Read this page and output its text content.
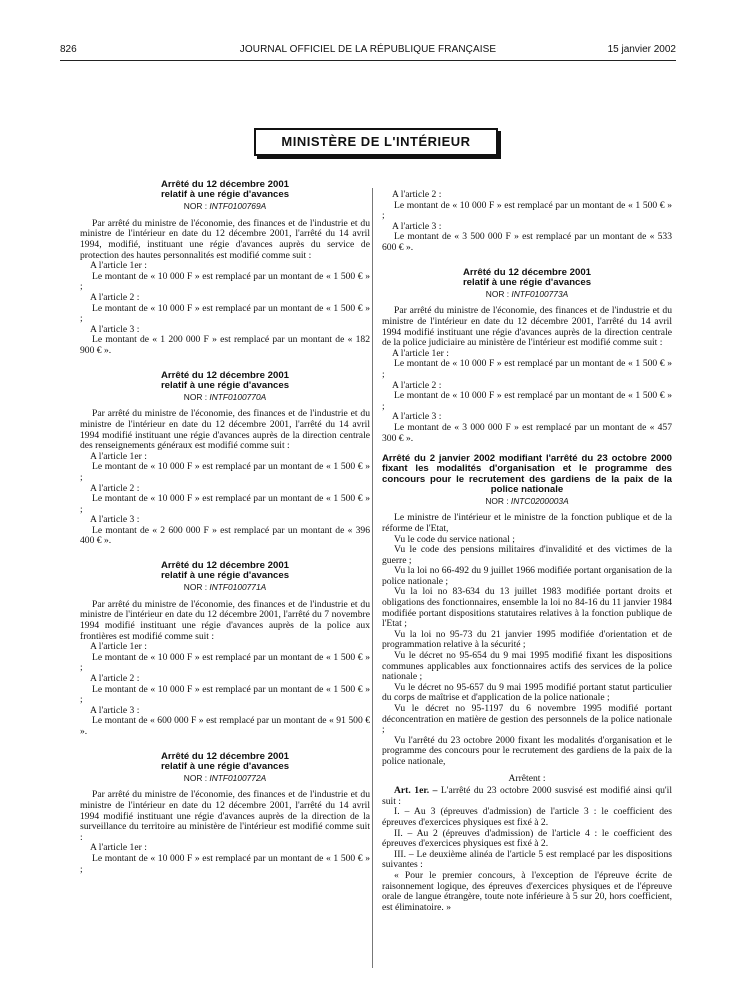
826	JOURNAL OFFICIEL DE LA RÉPUBLIQUE FRANÇAISE	15 janvier 2002
MINISTÈRE DE L'INTÉRIEUR

Arrêté du 12 décembre 2001
relatif à une régie d'avances

NOR : INTF0100769A

Par arrêté du ministre de l'économie, des finances et de l'industrie et du ministre de l'intérieur en date du 12 décembre 2001, l'arrêté du 14 avril 1994, modifié, instituant une régie d'avances auprès du service de protection des hautes personnalités est modifié comme suit :

A l'article 1er :

Le montant de « 10 000 F » est remplacé par un montant de « 1 500 € » ;

A l'article 2 :

Le montant de « 10 000 F » est remplacé par un montant de « 1 500 € » ;

A l'article 3 :

Le montant de « 1 200 000 F » est remplacé par un montant de « 182 900 € ».

Arrêté du 12 décembre 2001
relatif à une régie d'avances

NOR : INTF0100770A

Par arrêté du ministre de l'économie, des finances et de l'industrie et du ministre de l'intérieur en date du 12 décembre 2001, l'arrêté du 14 avril 1994 modifié instituant une régie d'avances auprès de la direction centrale des renseignements généraux est modifié comme suit :

A l'article 1er :

Le montant de « 10 000 F » est remplacé par un montant de « 1 500 € » ;

A l'article 2 :

Le montant de « 10 000 F » est remplacé par un montant de « 1 500 € » ;

A l'article 3 :

Le montant de « 2 600 000 F » est remplacé par un montant de « 396 400 € ».

Arrêté du 12 décembre 2001
relatif à une régie d'avances

NOR : INTF0100771A

Par arrêté du ministre de l'économie, des finances et de l'industrie et du ministre de l'intérieur en date du 12 décembre 2001, l'arrêté du 7 novembre 1994 modifié instituant une régie d'avances auprès de la police aux frontières est modifié comme suit :

A l'article 1er :

Le montant de « 10 000 F » est remplacé par un montant de « 1 500 € » ;

A l'article 2 :

Le montant de « 10 000 F » est remplacé par un montant de « 1 500 € » ;

A l'article 3 :

Le montant de « 600 000 F » est remplacé par un montant de « 91 500 € ».

Arrêté du 12 décembre 2001
relatif à une régie d'avances

NOR : INTF0100772A

Par arrêté du ministre de l'économie, des finances et de l'industrie et du ministre de l'intérieur en date du 12 décembre 2001, l'arrêté du 14 avril 1994 modifié instituant une régie d'avances auprès de la direction de la surveillance du territoire au ministère de l'intérieur est modifié comme suit :

A l'article 1er :

Le montant de « 10 000 F » est remplacé par un montant de « 1 500 € » ;

A l'article 2 :

Le montant de « 10 000 F » est remplacé par un montant de « 1 500 € » ;

A l'article 3 :

Le montant de « 3 500 000 F » est remplacé par un montant de « 533 600 € ».

Arrêté du 12 décembre 2001
relatif à une régie d'avances

NOR : INTF0100773A

Par arrêté du ministre de l'économie, des finances et de l'industrie et du ministre de l'intérieur en date du 12 décembre 2001, l'arrêté du 14 avril 1994 modifié instituant une régie d'avances auprès de la direction centrale de la police judiciaire au ministère de l'intérieur est modifié comme suit :

A l'article 1er :

Le montant de « 10 000 F » est remplacé par un montant de « 1 500 € » ;

A l'article 2 :

Le montant de « 10 000 F » est remplacé par un montant de « 1 500 € » ;

A l'article 3 :

Le montant de « 3 000 000 F » est remplacé par un montant de « 457 300 € ».

Arrêté du 2 janvier 2002 modifiant l'arrêté du 23 octobre 2000 fixant les modalités d'organisation et le programme des concours pour le recrutement des gardiens de la paix de la police nationale

NOR : INTC0200003A

Le ministre de l'intérieur et le ministre de la fonction publique et de la réforme de l'Etat,

Vu le code du service national ;

Vu le code des pensions militaires d'invalidité et des victimes de la guerre ;

Vu la loi no 66-492 du 9 juillet 1966 modifiée portant organisation de la police nationale ;

Vu la loi no 83-634 du 13 juillet 1983 modifiée portant droits et obligations des fonctionnaires, ensemble la loi no 84-16 du 11 janvier 1984 modifiée portant dispositions statutaires relatives à la fonction publique de l'Etat ;

Vu la loi no 95-73 du 21 janvier 1995 modifiée d'orientation et de programmation relative à la sécurité ;

Vu le décret no 95-654 du 9 mai 1995 modifié fixant les dispositions communes applicables aux fonctionnaires actifs des services de la police nationale ;

Vu le décret no 95-657 du 9 mai 1995 modifié portant statut particulier du corps de maîtrise et d'application de la police nationale ;

Vu le décret no 95-1197 du 6 novembre 1995 modifié portant déconcentration en matière de gestion des personnels de la police nationale ;

Vu l'arrêté du 23 octobre 2000 fixant les modalités d'organisation et le programme des concours pour le recrutement des gardiens de la paix de la police nationale,

Arrêtent :

Art. 1er. – L'arrêté du 23 octobre 2000 susvisé est modifié ainsi qu'il suit :

I. – Au 3 (épreuves d'admission) de l'article 3 : le coefficient des épreuves d'exercices physiques est fixé à 2.

II. – Au 2 (épreuves d'admission) de l'article 4 : le coefficient des épreuves d'exercices physiques est fixé à 2.

III. – Le deuxième alinéa de l'article 5 est remplacé par les dispositions suivantes :

« Pour le premier concours, à l'exception de l'épreuve écrite de raisonnement logique, des épreuves d'exercices physiques et de l'épreuve orale de langue étrangère, toute note inférieure à 5 sur 20, hors coefficient, est éliminatoire. »
